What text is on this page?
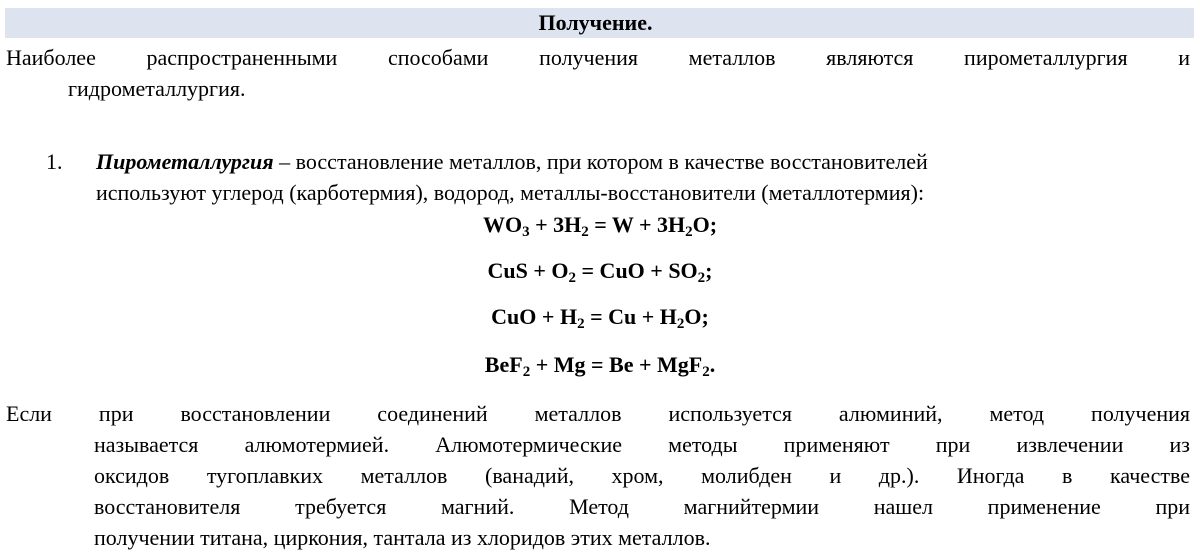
Получение.
Наиболее распространенными способами получения металлов являются пирометаллургия и
гидрометаллургия.
1. Пирометаллургия – восстановление металлов, при котором в качестве восстановителей
используют углерод (карботермия), водород, металлы-восстановители (металлотермия):
$WO_3 + 3H_2 = W + 3H_2O$;
CuS + $O_2$ = CuO + $SO_2$;
CuO + $H_2 = Cu + H_2O$;
BeF$_2$ + Mg = Be + MgF$_2$.
Если при восстановлении соединений металлов используется алюминий, метод получения
называется алюмотермией. Алюмотермические методы применяют при извлечении из
оксидов тугоплавких металлов (ванадий, хром, молибден и др.). Иногда в качестве
восстановителя требуется магний. Метод магнийтермии нашел применение при
получении титана, циркония, тантала из хлоридов этих металлов.
